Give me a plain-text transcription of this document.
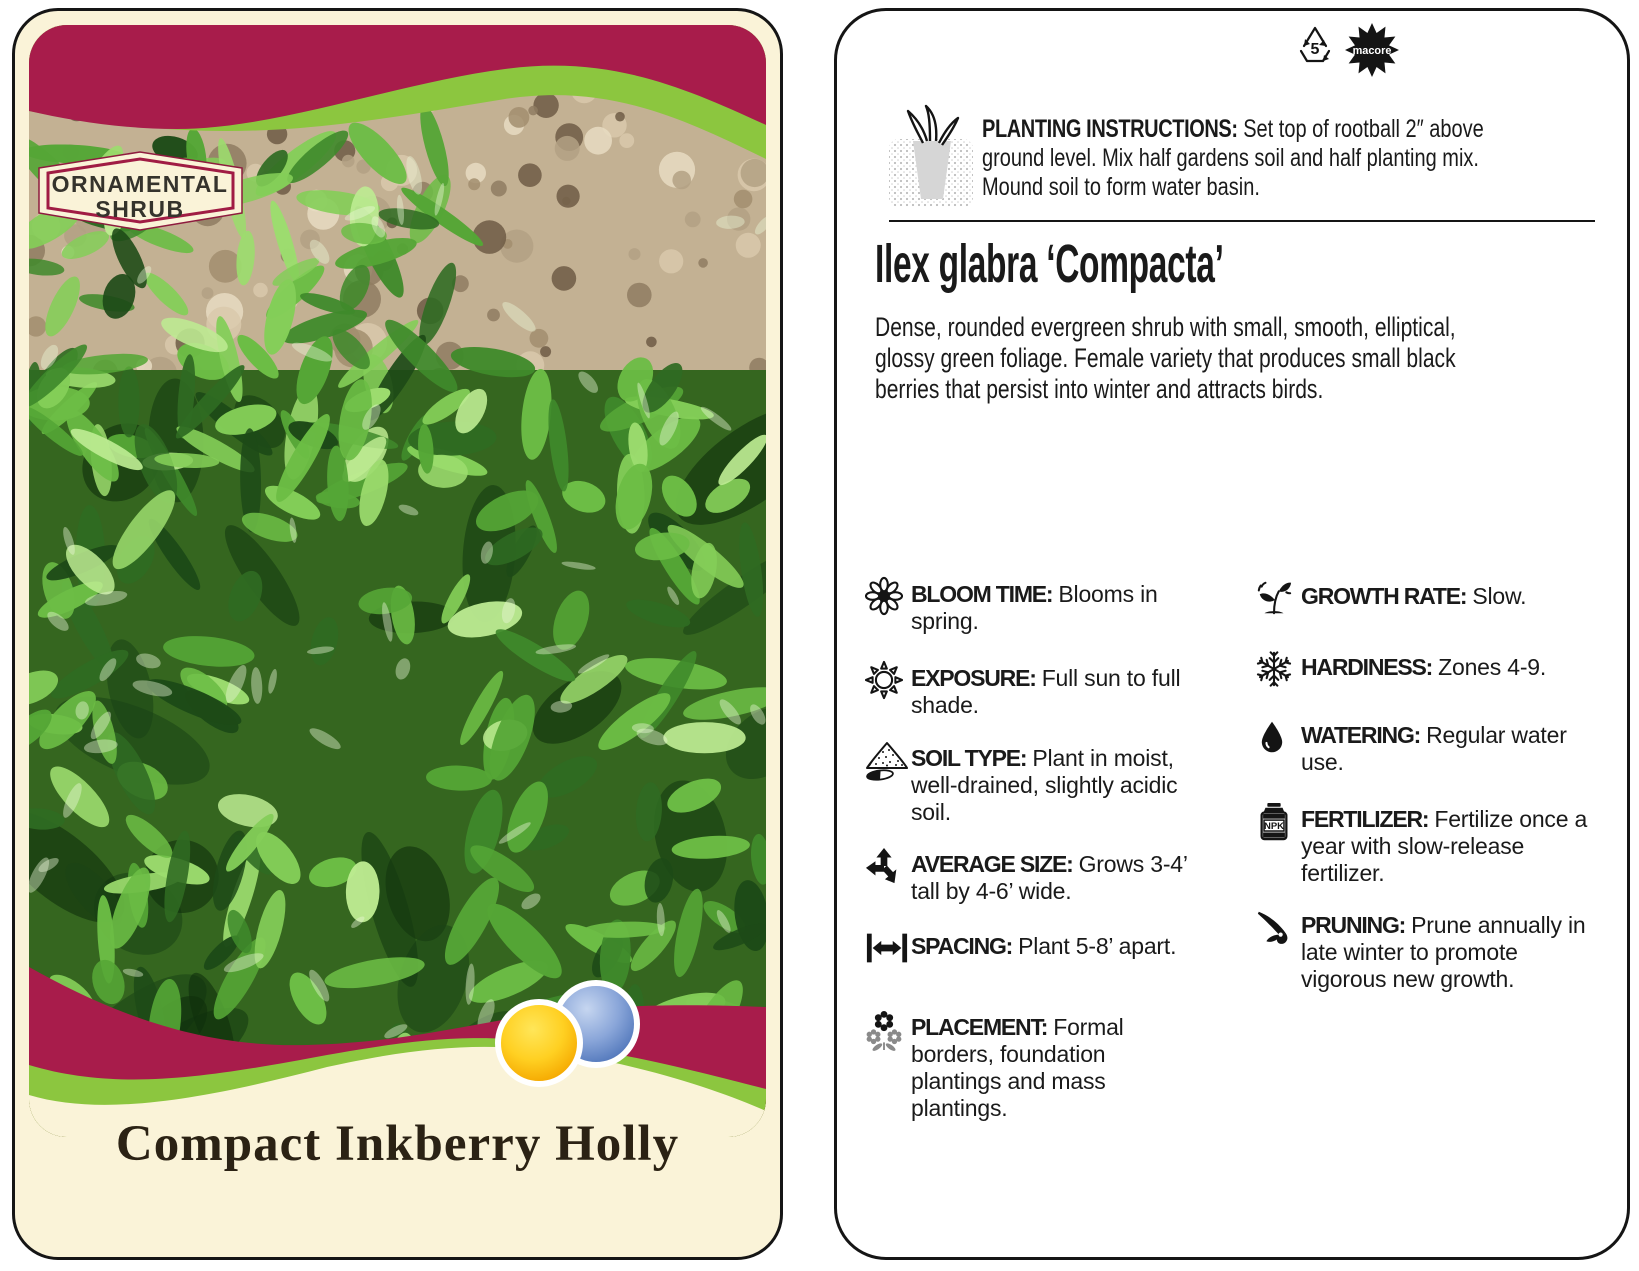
ORNAMENTAL
SHRUB
Compact Inkberry Holly
5	macore
PLANTING INSTRUCTIONS: Set top of rootball 2″ above
ground level. Mix half gardens soil and half planting mix.
Mound soil to form water basin.
Ilex glabra ‘Compacta’
Dense, rounded evergreen shrub with small, smooth, elliptical,
glossy green foliage. Female variety that produces small black
berries that persist into winter and attracts birds.

BLOOM TIME: Blooms in spring.

EXPOSURE: Full sun to full shade.

SOIL TYPE: Plant in moist, well-drained, slightly acidic soil.

AVERAGE SIZE: Grows 3-4’ tall by 4-6’ wide.

SPACING: Plant 5-8’ apart.

PLACEMENT: Formal borders, foundation plantings and mass plantings.

GROWTH RATE: Slow.

HARDINESS: Zones 4-9.

WATERING: Regular water use.

NPK FERTILIZER: Fertilize once a year with slow-release fertilizer.

PRUNING: Prune annually in late winter to promote vigorous new growth.
